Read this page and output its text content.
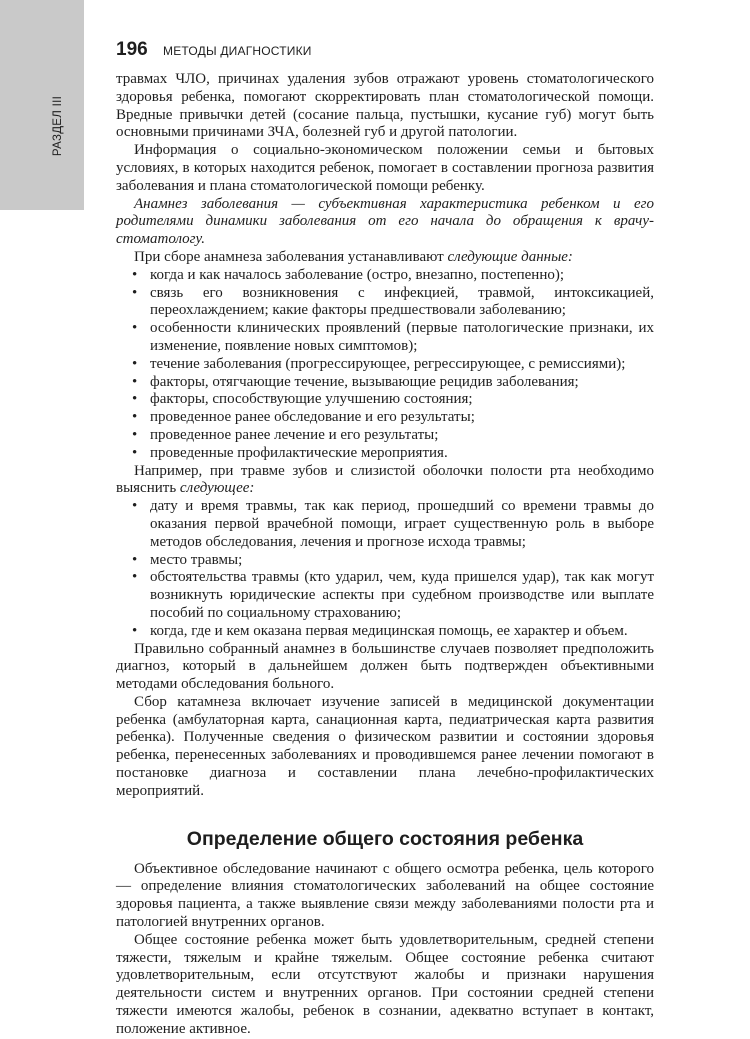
РАЗДЕЛ III
196 МЕТОДЫ ДИАГНОСТИКИ

травмах ЧЛО, причинах удаления зубов отражают уровень стоматологического здоровья ребенка, помогают скорректировать план стоматологической помощи. Вредные привычки детей (сосание пальца, пустышки, кусание губ) могут быть основными причинами ЗЧА, болезней губ и другой патологии.

Информация о социально-экономическом положении семьи и бытовых условиях, в которых находится ребенок, помогает в составлении прогноза развития заболевания и плана стоматологической помощи ребенку.

Анамнез заболевания — субъективная характеристика ребенком и его родителями динамики заболевания от его начала до обращения к врачу-стоматологу.

При сборе анамнеза заболевания устанавливают следующие данные:

• когда и как началось заболевание (остро, внезапно, постепенно);
• связь его возникновения с инфекцией, травмой, интоксикацией, переохлаждением; какие факторы предшествовали заболеванию;
• особенности клинических проявлений (первые патологические признаки, их изменение, появление новых симптомов);
• течение заболевания (прогрессирующее, регрессирующее, с ремиссиями);
• факторы, отягчающие течение, вызывающие рецидив заболевания;
• факторы, способствующие улучшению состояния;
• проведенное ранее обследование и его результаты;
• проведенное ранее лечение и его результаты;
• проведенные профилактические мероприятия.

Например, при травме зубов и слизистой оболочки полости рта необходимо выяснить следующее:

• дату и время травмы, так как период, прошедший со времени травмы до оказания первой врачебной помощи, играет существенную роль в выборе методов обследования, лечения и прогнозе исхода травмы;
• место травмы;
• обстоятельства травмы (кто ударил, чем, куда пришелся удар), так как могут возникнуть юридические аспекты при судебном производстве или выплате пособий по социальному страхованию;
• когда, где и кем оказана первая медицинская помощь, ее характер и объем.

Правильно собранный анамнез в большинстве случаев позволяет предположить диагноз, который в дальнейшем должен быть подтвержден объективными методами обследования больного.

Сбор катамнеза включает изучение записей в медицинской документации ребенка (амбулаторная карта, санационная карта, педиатрическая карта развития ребенка). Полученные сведения о физическом развитии и состоянии здоровья ребенка, перенесенных заболеваниях и проводившемся ранее лечении помогают в постановке диагноза и составлении плана лечебно-профилактических мероприятий.

Определение общего состояния ребенка

Объективное обследование начинают с общего осмотра ребенка, цель которого — определение влияния стоматологических заболеваний на общее состояние здоровья пациента, а также выявление связи между заболеваниями полости рта и патологией внутренних органов.

Общее состояние ребенка может быть удовлетворительным, средней степени тяжести, тяжелым и крайне тяжелым. Общее состояние ребенка считают удовлетворительным, если отсутствуют жалобы и признаки нарушения деятельности систем и внутренних органов. При состоянии средней степени тяжести имеются жалобы, ребенок в сознании, адекватно вступает в контакт, положение активное.
